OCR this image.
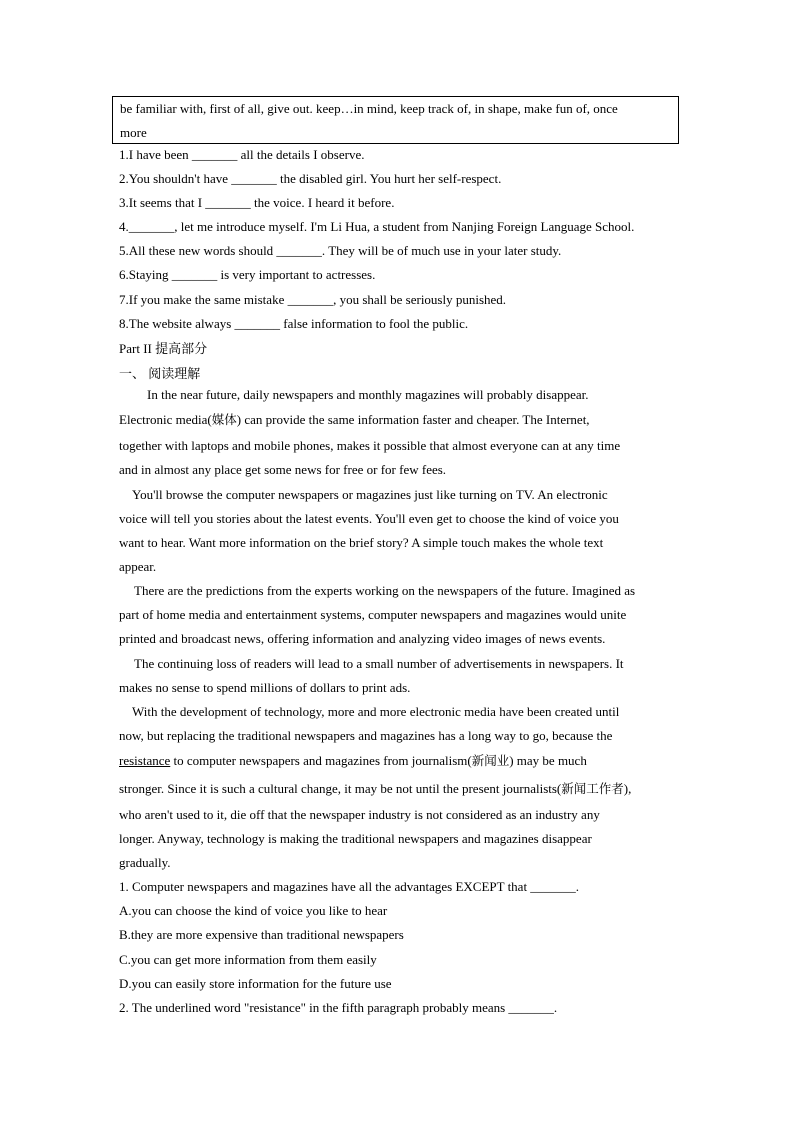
be familiar with, first of all, give out. keep…in mind, keep track of, in shape, make fun of, once
more
1.I have been _______ all the details I observe.
2.You shouldn't have _______ the disabled girl. You hurt her self-respect.
3.It seems that I _______ the voice. I heard it before.
4._______, let me introduce myself. I'm Li Hua, a student from Nanjing Foreign Language School.
5.All these new words should _______. They will be of much use in your later study.
6.Staying _______ is very important to actresses.
7.If you make the same mistake _______, you shall be seriously punished.
8.The website always _______ false information to fool the public.
Part II 提高部分
一、 阅读理解
In the near future, daily newspapers and monthly magazines will probably disappear.
Electronic media(媒体) can provide the same information faster and cheaper. The Internet,
together with laptops and mobile phones, makes it possible that almost everyone can at any time
and in almost any place get some news for free or for few fees.
You'll browse the computer newspapers or magazines just like turning on TV. An electronic
voice will tell you stories about the latest events. You'll even get to choose the kind of voice you
want to hear. Want more information on the brief story? A simple touch makes the whole text
appear.
There are the predictions from the experts working on the newspapers of the future. Imagined as
part of home media and entertainment systems, computer newspapers and magazines would unite
printed and broadcast news, offering information and analyzing video images of news events.
The continuing loss of readers will lead to a small number of advertisements in newspapers. It
makes no sense to spend millions of dollars to print ads.
With the development of technology, more and more electronic media have been created until
now, but replacing the traditional newspapers and magazines has a long way to go, because the
resistance to computer newspapers and magazines from journalism(新闻业) may be much
stronger. Since it is such a cultural change, it may be not until the present journalists(新闻工作者),
who aren't used to it, die off that the newspaper industry is not considered as an industry any
longer. Anyway, technology is making the traditional newspapers and magazines disappear
gradually.
1. Computer newspapers and magazines have all the advantages EXCEPT that _______.
A.you can choose the kind of voice you like to hear
B.they are more expensive than traditional newspapers
C.you can get more information from them easily
D.you can easily store information for the future use
2. The underlined word "resistance" in the fifth paragraph probably means _______.
